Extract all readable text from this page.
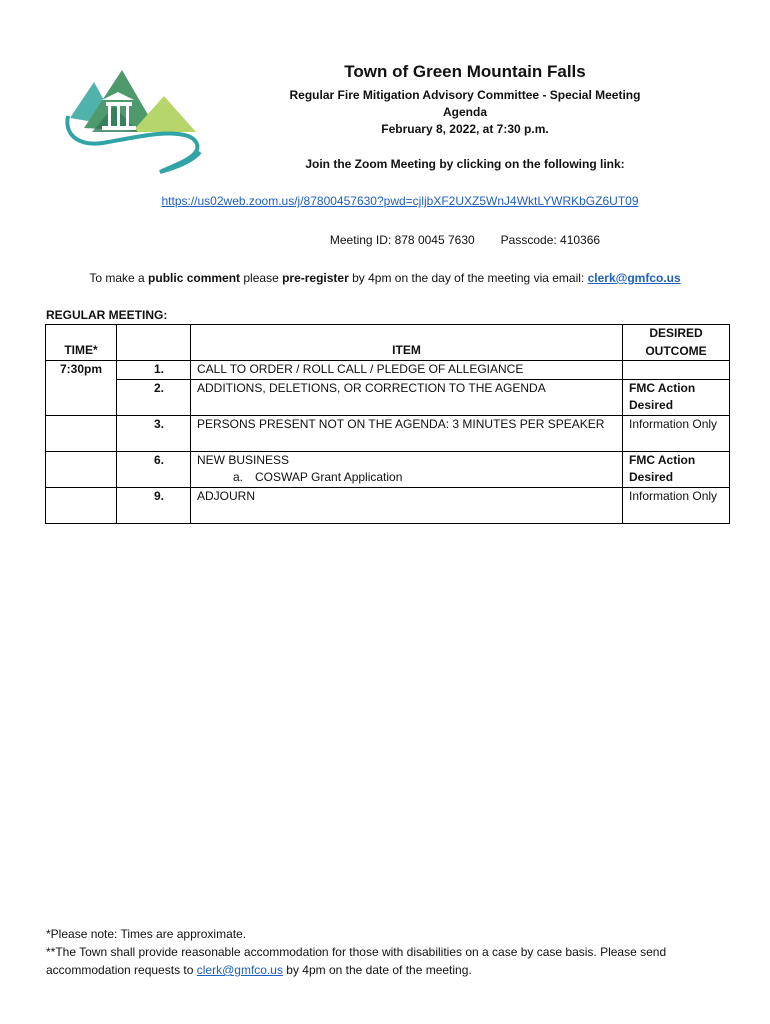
Town of Green Mountain Falls
Regular Fire Mitigation Advisory Committee - Special Meeting
Agenda
February 8, 2022, at 7:30 p.m.
Join the Zoom Meeting by clicking on the following link:
https://us02web.zoom.us/j/87800457630?pwd=cjljbXF2UXZ5WnJ4WktLYWRKbGZ6UT09
Meeting ID: 878 0045 7630 Passcode: 410366
To make a public comment please pre-register by 4pm on the day of the meeting via email: clerk@gmfco.us
REGULAR MEETING:
TIME*		ITEM	DESIRED
OUTCOME

7:30pm	1.	CALL TO ORDER / ROLL CALL / PLEDGE OF ALLEGIANCE	
	2.	ADDITIONS, DELETIONS, OR CORRECTION TO THE AGENDA	FMC Action Desired
	3.	PERSONS PRESENT NOT ON THE AGENDA: 3 MINUTES PER SPEAKER	Information Only
	6.	NEW BUSINESS
a. COSWAP Grant Application	FMC Action Desired
	9.	ADJOURN	Information Only
*Please note: Times are approximate.
**The Town shall provide reasonable accommodation for those with disabilities on a case by case basis. Please send accommodation requests to clerk@gmfco.us by 4pm on the date of the meeting.
